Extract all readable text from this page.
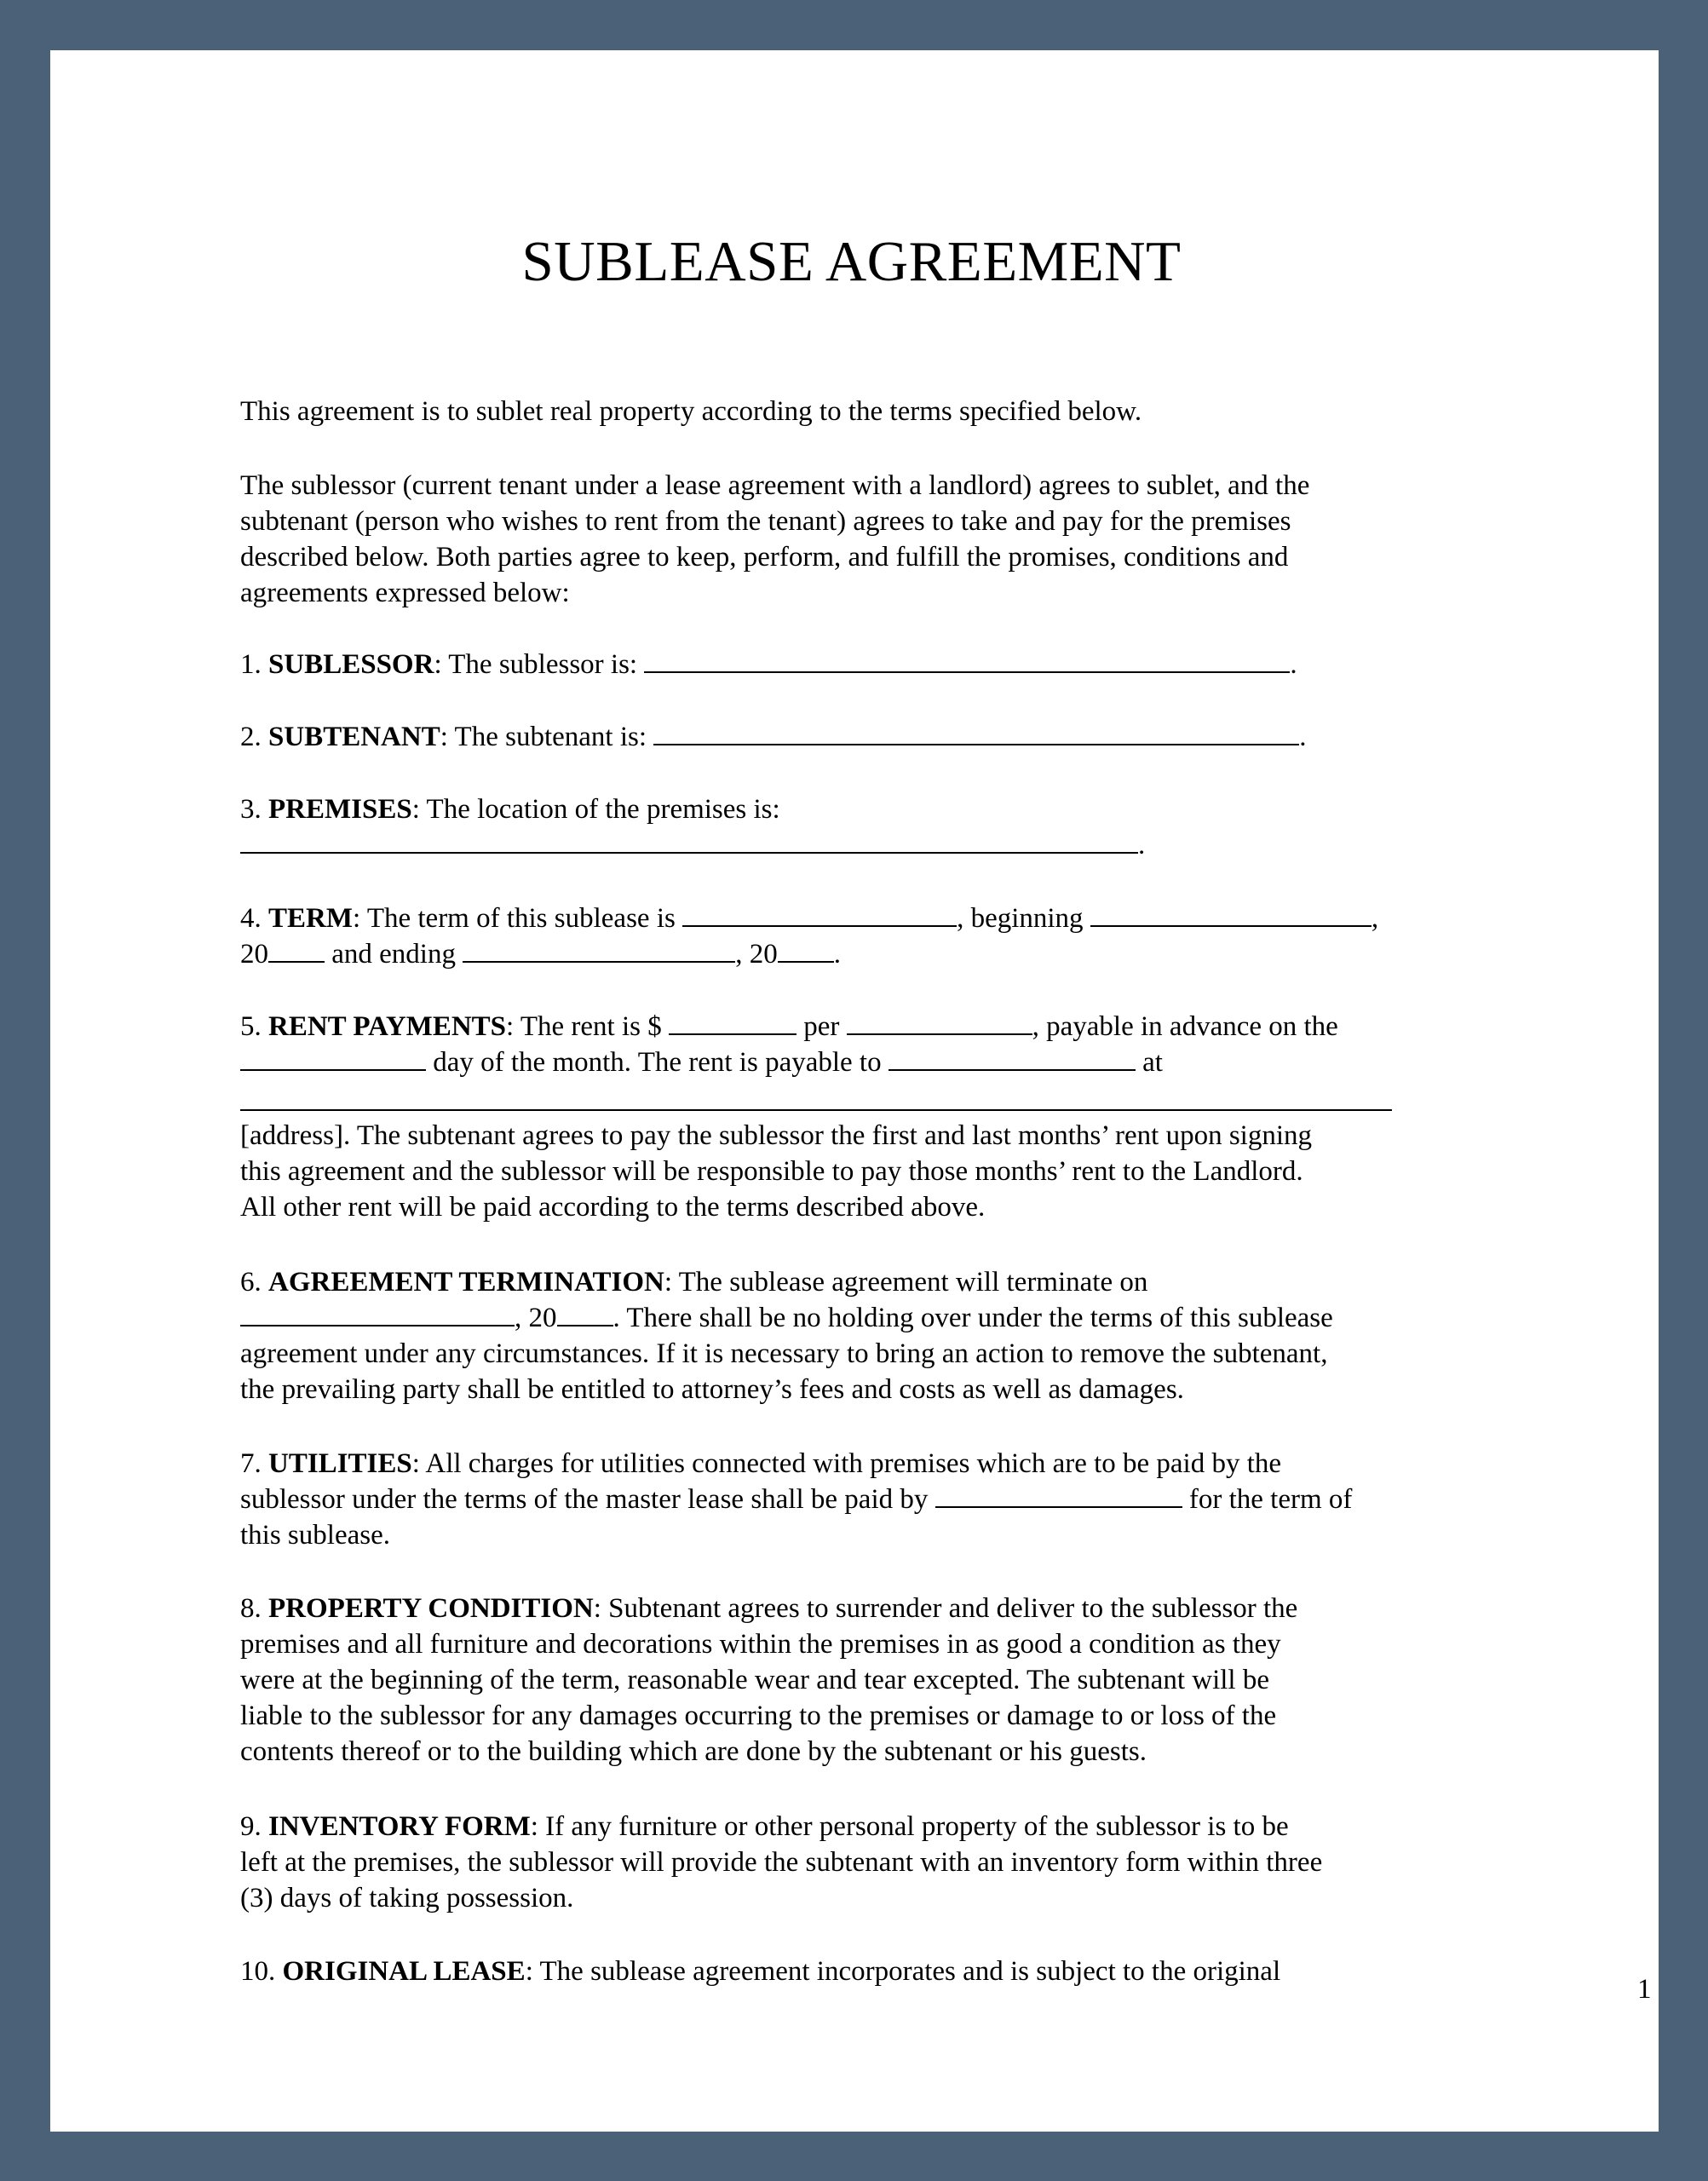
SUBLEASE AGREEMENT

This agreement is to sublet real property according to the terms specified below.

The sublessor (current tenant under a lease agreement with a landlord) agrees to sublet, and the
subtenant (person who wishes to rent from the tenant) agrees to take and pay for the premises
described below. Both parties agree to keep, perform, and fulfill the promises, conditions and
agreements expressed below:

1. SUBLESSOR: The sublessor is:	.

2. SUBTENANT: The subtenant is:	.

3. PREMISES: The location of the premises is:
.

4. TERM: The term of this sublease is	, beginning	,
20 and ending	, 20 .

5. RENT PAYMENTS: The rent is $	per	, payable in advance on the
day of the month. The rent is payable to	at

[address]. The subtenant agrees to pay the sublessor the first and last months’ rent upon signing
this agreement and the sublessor will be responsible to pay those months’ rent to the Landlord.
All other rent will be paid according to the terms described above.

6. AGREEMENT TERMINATION: The sublease agreement will terminate on
, 20 . There shall be no holding over under the terms of this sublease
agreement under any circumstances. If it is necessary to bring an action to remove the subtenant,
the prevailing party shall be entitled to attorney’s fees and costs as well as damages.

7. UTILITIES: All charges for utilities connected with premises which are to be paid by the
sublessor under the terms of the master lease shall be paid by	for the term of
this sublease.

8. PROPERTY CONDITION: Subtenant agrees to surrender and deliver to the sublessor the
premises and all furniture and decorations within the premises in as good a condition as they
were at the beginning of the term, reasonable wear and tear excepted. The subtenant will be
liable to the sublessor for any damages occurring to the premises or damage to or loss of the
contents thereof or to the building which are done by the subtenant or his guests.

9. INVENTORY FORM: If any furniture or other personal property of the sublessor is to be
left at the premises, the sublessor will provide the subtenant with an inventory form within three
(3) days of taking possession.

10. ORIGINAL LEASE: The sublease agreement incorporates and is subject to the original

1
